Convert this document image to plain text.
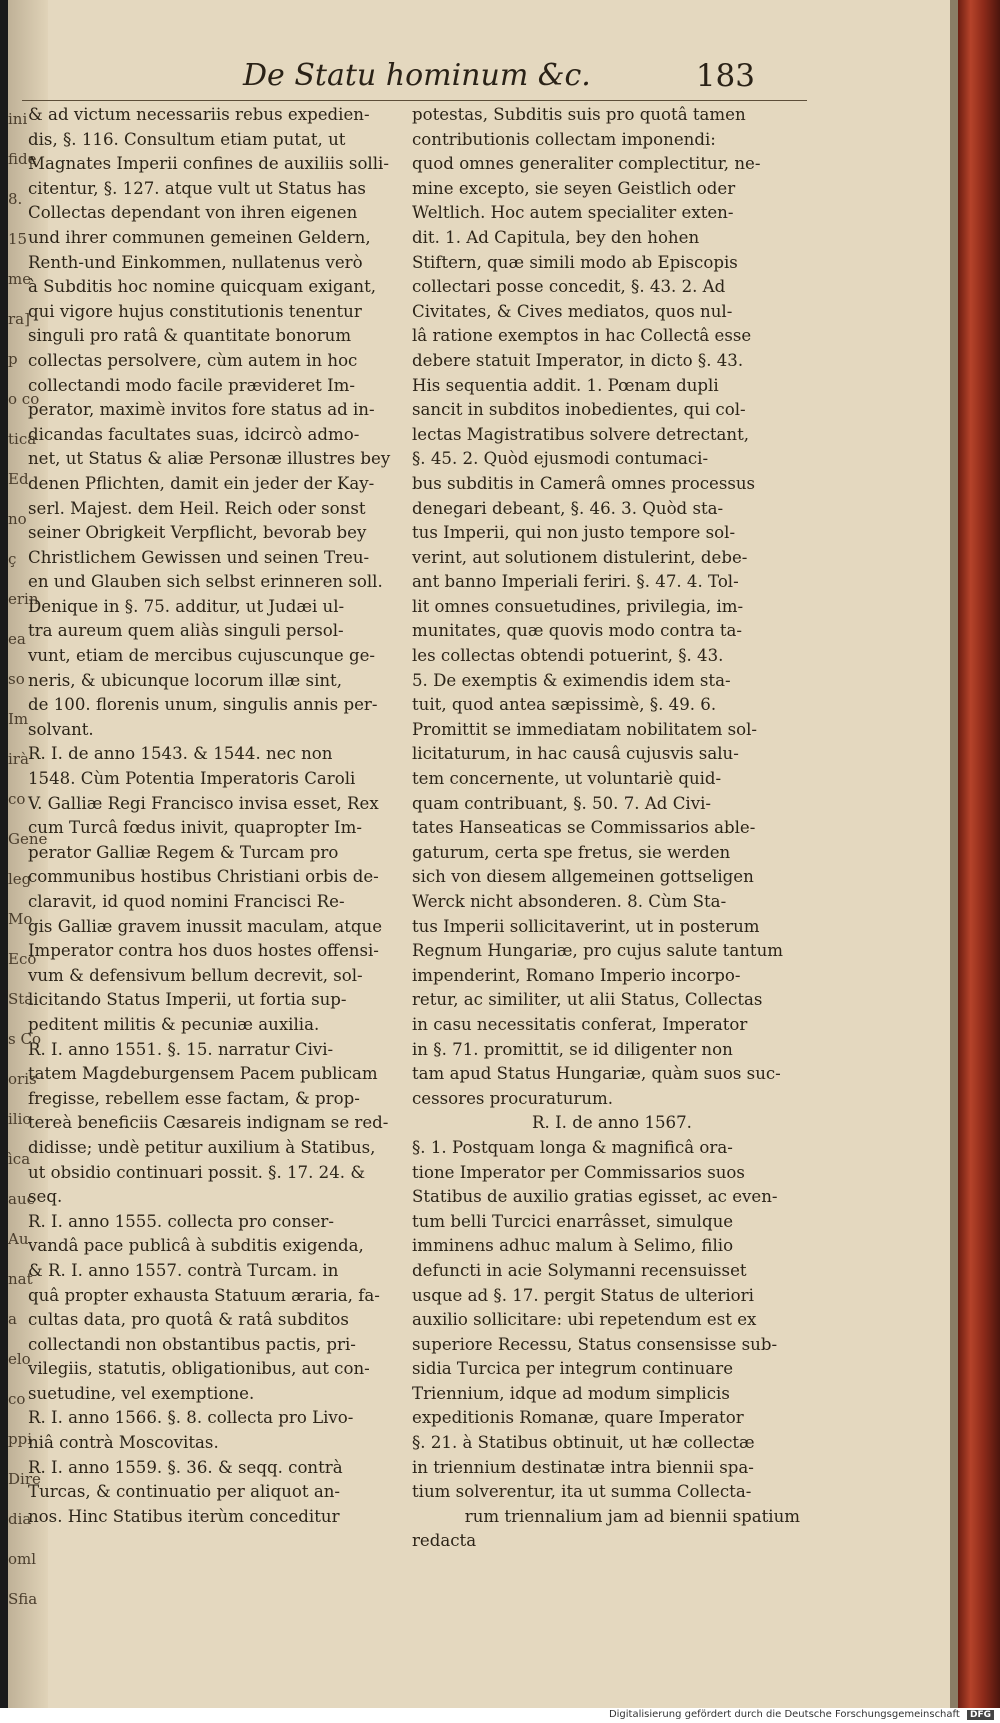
ini
fide
8.
15
me
ra]
p
o co
tica
Ed
no
ç
erin
ea
so
Im
irà
co
Gene
leg
Mo
Eco
Sta
s Co
oris
ilio
ìca
auc
Au
nat
a
elo
co
ppi
Dire
dia
oml
Sfia
De Statu hominum &c.	183
& ad victum necessariis rebus expedien-
dis, §. 116. Consultum etiam putat, ut
Magnates Imperii confines de auxiliis solli-
citentur, §. 127. atque vult ut Status has
Collectas dependant von ihren eigenen
und ihrer communen gemeinen Geldern,
Renth-und Einkommen, nullatenus verò
à Subditis hoc nomine quicquam exigant,
qui vigore hujus constitutionis tenentur
singuli pro ratâ & quantitate bonorum
collectas persolvere, cùm autem in hoc
collectandi modo facile prævideret Im-
perator, maximè invitos fore status ad in-
dicandas facultates suas, idcircò admo-
net, ut Status & aliæ Personæ illustres bey
denen Pflichten, damit ein jeder der Kay-
serl. Majest. dem Heil. Reich oder sonst
seiner Obrigkeit Verpflicht, bevorab bey
Christlichem Gewissen und seinen Treu-
en und Glauben sich selbst erinneren soll.
Denique in §. 75. additur, ut Judæi ul-
tra aureum quem aliàs singuli persol-
vunt, etiam de mercibus cujuscunque ge-
neris, & ubicunque locorum illæ sint,
de 100. florenis unum, singulis annis per-
solvant.
R. I. de anno 1543. & 1544. nec non
1548. Cùm Potentia Imperatoris Caroli
V. Galliæ Regi Francisco invisa esset, Rex
cum Turcâ fœdus inivit, quapropter Im-
perator Galliæ Regem & Turcam pro
communibus hostibus Christiani orbis de-
claravit, id quod nomini Francisci Re-
gis Galliæ gravem inussit maculam, atque
Imperator contra hos duos hostes offensi-
vum & defensivum bellum decrevit, sol-
licitando Status Imperii, ut fortia sup-
peditent militis & pecuniæ auxilia.
R. I. anno 1551. §. 15. narratur Civi-
tatem Magdeburgensem Pacem publicam
fregisse, rebellem esse factam, & prop-
tereà beneficiis Cæsareis indignam se red-
didisse; undè petitur auxilium à Statibus,
ut obsidio continuari possit. §. 17. 24. &
seq.
R. I. anno 1555. collecta pro conser-
vandâ pace publicâ à subditis exigenda,
& R. I. anno 1557. contrà Turcam. in
quâ propter exhausta Statuum æraria, fa-
cultas data, pro quotâ & ratâ subditos
collectandi non obstantibus pactis, pri-
vilegiis, statutis, obligationibus, aut con-
suetudine, vel exemptione.
R. I. anno 1566. §. 8. collecta pro Livo-
niâ contrà Moscovitas.
R. I. anno 1559. §. 36. & seqq. contrà
Turcas, & continuatio per aliquot an-
nos. Hinc Statibus iterùm conceditur
potestas, Subditis suis pro quotâ tamen
contributionis collectam imponendi:
quod omnes generaliter complectitur, ne-
mine excepto, sie seyen Geistlich oder
Weltlich. Hoc autem specialiter exten-
dit. 1. Ad Capitula, bey den hohen
Stiftern, quæ simili modo ab Episcopis
collectari posse concedit, §. 43. 2. Ad
Civitates, & Cives mediatos, quos nul-
lâ ratione exemptos in hac Collectâ esse
debere statuit Imperator, in dicto §. 43.
His sequentia addit. 1. Pœnam dupli
sancit in subditos inobedientes, qui col-
lectas Magistratibus solvere detrectant,
§. 45. 2. Quòd ejusmodi contumaci-
bus subditis in Camerâ omnes processus
denegari debeant, §. 46. 3. Quòd sta-
tus Imperii, qui non justo tempore sol-
verint, aut solutionem distulerint, debe-
ant banno Imperiali feriri. §. 47. 4. Tol-
lit omnes consuetudines, privilegia, im-
munitates, quæ quovis modo contra ta-
les collectas obtendi potuerint, §. 43.
5. De exemptis & eximendis idem sta-
tuit, quod antea sæpissimè, §. 49. 6.
Promittit se immediatam nobilitatem sol-
licitaturum, in hac causâ cujusvis salu-
tem concernente, ut voluntariè quid-
quam contribuant, §. 50. 7. Ad Civi-
tates Hanseaticas se Commissarios able-
gaturum, certa spe fretus, sie werden
sich von diesem allgemeinen gottseligen
Werck nicht absonderen. 8. Cùm Sta-
tus Imperii sollicitaverint, ut in posterum
Regnum Hungariæ, pro cujus salute tantum
impenderint, Romano Imperio incorpo-
retur, ac similiter, ut alii Status, Collectas
in casu necessitatis conferat, Imperator
in §. 71. promittit, se id diligenter non
tam apud Status Hungariæ, quàm suos suc-
cessores procuraturum.
R. I. de anno 1567.
§. 1. Postquam longa & magnificâ ora-
tione Imperator per Commissarios suos
Statibus de auxilio gratias egisset, ac even-
tum belli Turcici enarrâsset, simulque
imminens adhuc malum à Selimo, filio
defuncti in acie Solymanni recensuisset
usque ad §. 17. pergit Status de ulteriori
auxilio sollicitare: ubi repetendum est ex
superiore Recessu, Status consensisse sub-
sidia Turcica per integrum continuare
Triennium, idque ad modum simplicis
expeditionis Romanæ, quare Imperator
§. 21. à Statibus obtinuit, ut hæ collectæ
in triennium destinatæ intra biennii spa-
tium solverentur, ita ut summa Collecta-
rum triennalium jam ad biennii spatium
redacta
Digitalisierung gefördert durch die Deutsche Forschungsgemeinschaft DFG
